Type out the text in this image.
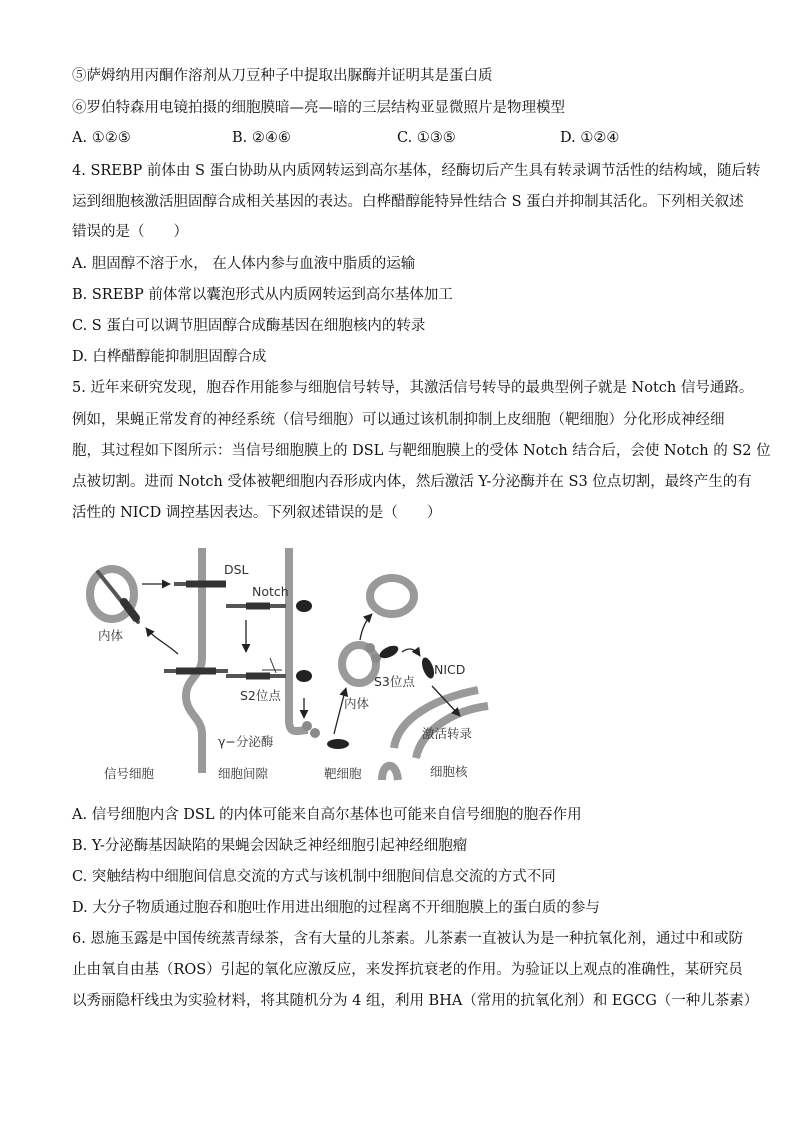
⑤萨姆纳用丙酮作溶剂从刀豆种子中提取出脲酶并证明其是蛋白质
⑥罗伯特森用电镜拍摄的细胞膜暗—亮—暗的三层结构亚显微照片是物理模型
A. ①②⑤	B. ②④⑥	C. ①③⑤	D. ①②④
4. SREBP 前体由 S 蛋白协助从内质网转运到高尔基体，经酶切后产生具有转录调节活性的结构域，随后转
运到细胞核激活胆固醇合成相关基因的表达。白桦醋醇能特异性结合 S 蛋白并抑制其活化。下列相关叙述
错误的是（　　）
A. 胆固醇不溶于水， 在人体内参与血液中脂质的运输
B. SREBP 前体常以囊泡形式从内质网转运到高尔基体加工
C. S 蛋白可以调节胆固醇合成酶基因在细胞核内的转录
D. 白桦醋醇能抑制胆固醇合成
5. 近年来研究发现，胞吞作用能参与细胞信号转导，其激活信号转导的最典型例子就是 Notch 信号通路。
例如，果蝇正常发育的神经系统（信号细胞）可以通过该机制抑制上皮细胞（靶细胞）分化形成神经细
胞，其过程如下图所示：当信号细胞膜上的 DSL 与靶细胞膜上的受体 Notch 结合后，会使 Notch 的 S2 位
点被切割。进而 Notch 受体被靶细胞内吞形成内体，然后激活 Y-分泌酶并在 S3 位点切割，最终产生的有
活性的 NICD 调控基因表达。下列叙述错误的是（　　）
DSL
Notch
内体
S2位点
γ−分泌酶
S3位点
内体
NICD
激活转录
信号细胞	细胞间隙	靶细胞	细胞核
A. 信号细胞内含 DSL 的内体可能来自高尔基体也可能来自信号细胞的胞吞作用
B. Y-分泌酶基因缺陷的果蝇会因缺乏神经细胞引起神经细胞瘤
C. 突触结构中细胞间信息交流的方式与该机制中细胞间信息交流的方式不同
D. 大分子物质通过胞吞和胞吐作用进出细胞的过程离不开细胞膜上的蛋白质的参与
6. 恩施玉露是中国传统蒸青绿茶，含有大量的儿茶素。儿茶素一直被认为是一种抗氧化剂，通过中和或防
止由氧自由基（ROS）引起的氧化应激反应，来发挥抗衰老的作用。为验证以上观点的准确性，某研究员
以秀丽隐杆线虫为实验材料，将其随机分为 4 组，利用 BHA（常用的抗氧化剂）和 EGCG（一种儿茶素）
